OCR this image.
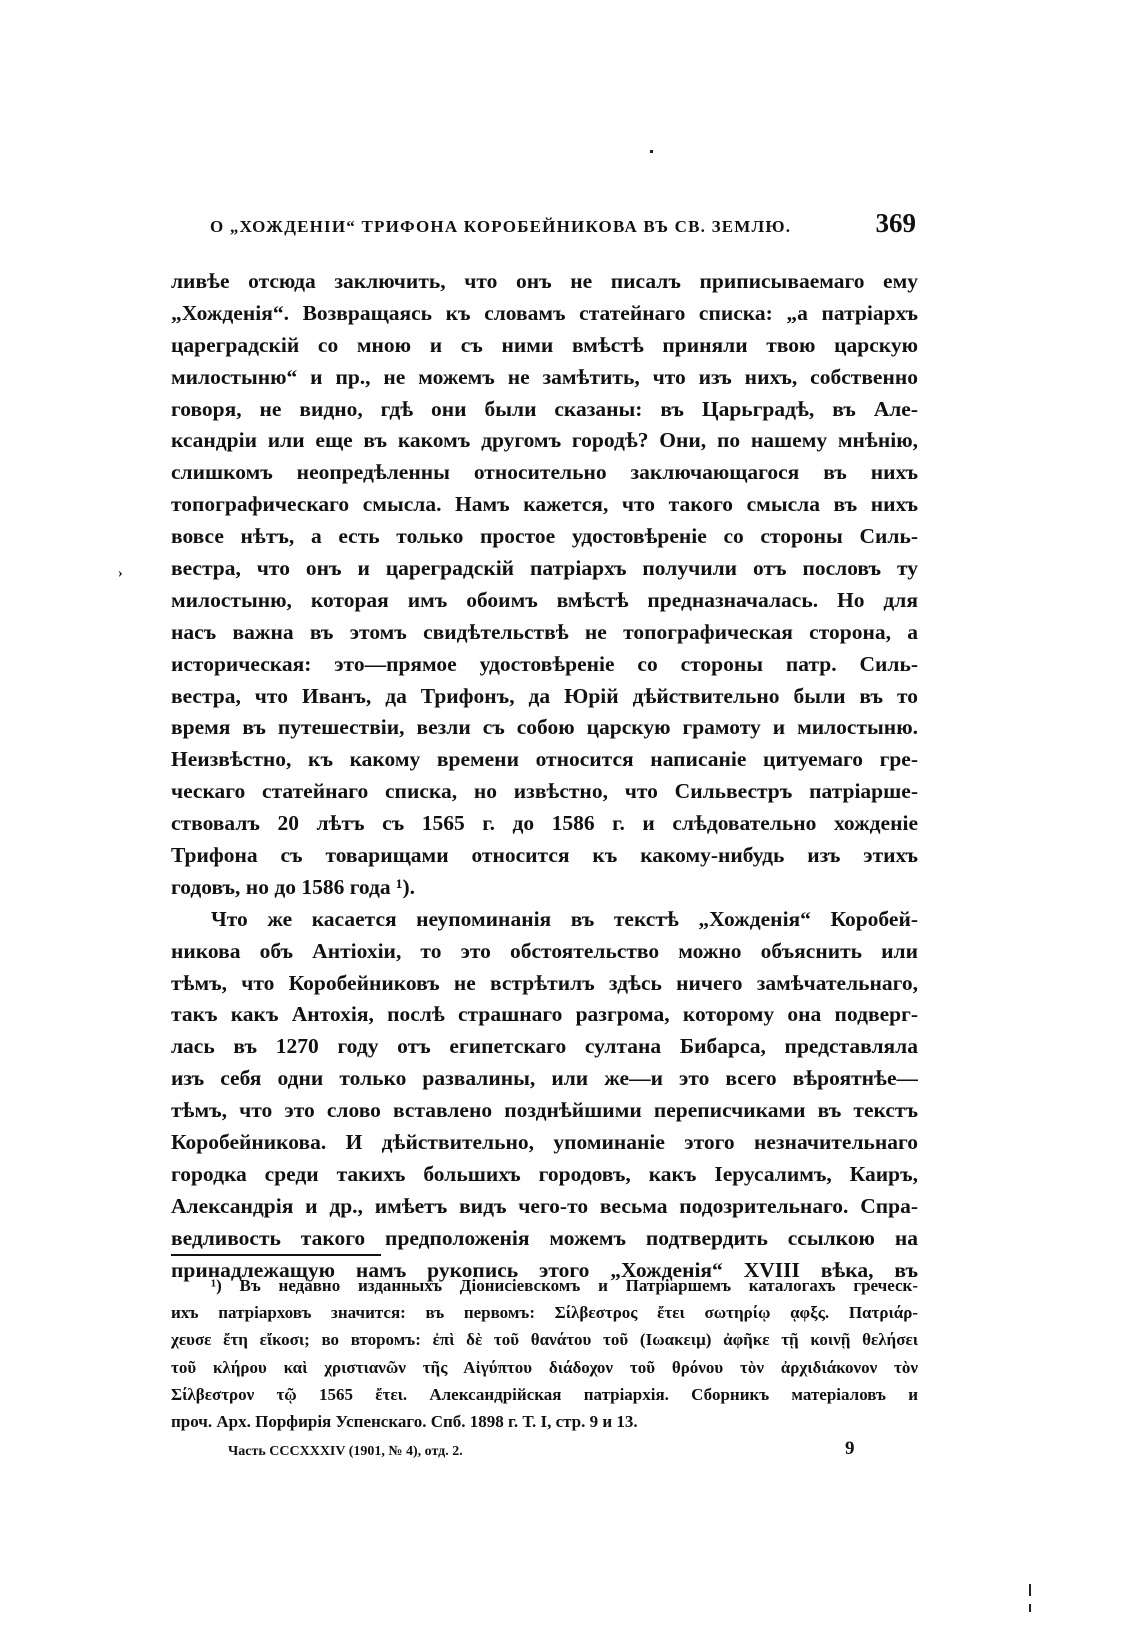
О „ХОЖДЕНІИ“ ТРИФОНА КОРОБЕЙНИКОВА ВЪ СВ. ЗЕМЛЮ.	369
›
ливѣе отсюда заключить, что онъ не писалъ приписываемаго ему
„Хожденія“. Возвращаясь къ словамъ статейнаго списка: „а патріархъ
цареградскій со мною и съ ними вмѣстѣ приняли твою царскую
милостыню“ и пр., не можемъ не замѣтить, что изъ нихъ, собственно
говоря, не видно, гдѣ они были сказаны: въ Царьградѣ, въ Але-
ксандріи или еще въ какомъ другомъ городѣ? Они, по нашему мнѣнію,
слишкомъ неопредѣленны относительно заключающагося въ нихъ
топографическаго смысла. Намъ кажется, что такого смысла въ нихъ
вовсе нѣтъ, а есть только простое удостовѣреніе со стороны Силь-
вестра, что онъ и цареградскій патріархъ получили отъ пословъ ту
милостыню, которая имъ обоимъ вмѣстѣ предназначалась. Но для
насъ важна въ этомъ свидѣтельствѣ не топографическая сторона, а
историческая: это—прямое удостовѣреніе со стороны патр. Силь-
вестра, что Иванъ, да Трифонъ, да Юрій дѣйствительно были въ то
время въ путешествіи, везли съ собою царскую грамоту и милостыню.
Неизвѣстно, къ какому времени относится написаніе цитуемаго гре-
ческаго статейнаго списка, но извѣстно, что Сильвестръ патріарше-
ствовалъ 20 лѣтъ съ 1565 г. до 1586 г. и слѣдовательно хожденіе
Трифона съ товарищами относится къ какому-нибудь изъ этихъ
годовъ, но до 1586 года ¹).
Что же касается неупоминанія въ текстѣ „Хожденія“ Коробей-
никова объ Антіохіи, то это обстоятельство можно объяснить или
тѣмъ, что Коробейниковъ не встрѣтилъ здѣсь ничего замѣчательнаго,
такъ какъ Антохія, послѣ страшнаго разгрома, которому она подверг-
лась въ 1270 году отъ египетскаго султана Бибарса, представляла
изъ себя одни только развалины, или же—и это всего вѣроятнѣе—
тѣмъ, что это слово вставлено позднѣйшими переписчиками въ текстъ
Коробейникова. И дѣйствительно, упоминаніе этого незначительнаго
городка среди такихъ большихъ городовъ, какъ Іерусалимъ, Каиръ,
Александрія и др., имѣетъ видъ чего-то весьма подозрительнаго. Спра-
ведливость такого предположенія можемъ подтвердить ссылкою на
принадлежащую намъ рукопись этого „Хожденія“ XVIII вѣка, въ
¹) Въ недавно изданныхъ Діонисіевскомъ и Патріаршемъ каталогахъ греческ-
ихъ патріарховъ значится: въ первомъ: Σίλβεστρος ἔτει σωτηρίῳ ᾳφξς. Πατριάρ-
χευσε ἔτη εἴκοσι; во второмъ: ἐπὶ δὲ τοῦ θανάτου τοῦ (Ιωακειμ) ἀφῆκε τῇ κοινῇ θελήσει
τοῦ κλήρου καὶ χριστιανῶν τῆς Αἰγύπτου διάδοχον τοῦ θρόνου τὸν ἀρχιδιάκονον τὸν
Σίλβεστρον τῷ 1565 ἔτει. Александрійская патріархія. Сборникъ матеріаловъ и
проч. Арх. Порфирія Успенскаго. Спб. 1898 г. Т. I, стр. 9 и 13.
Часть CCCXXXIV (1901, № 4), отд. 2.	9
